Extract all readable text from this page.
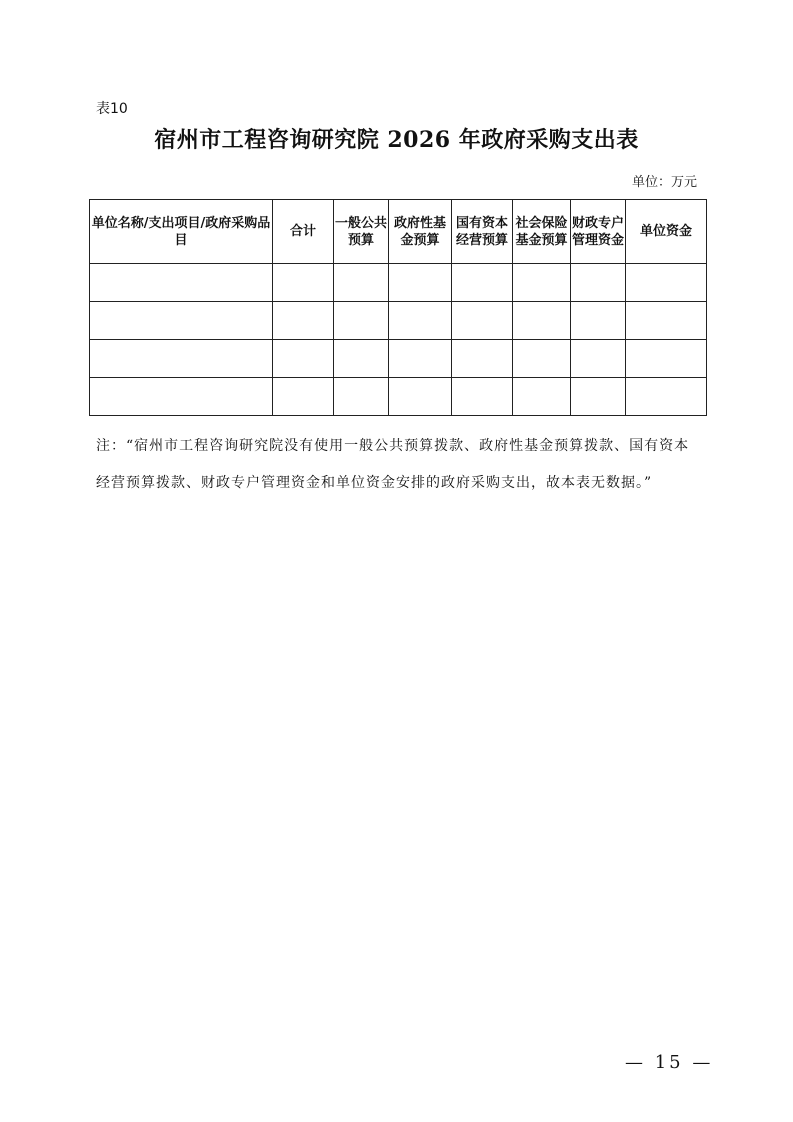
表10
宿州市工程咨询研究院 2026 年政府采购支出表
单位：万元
单位名称/支出项目/政府采购品目	合计	一般公共预算	政府性基金预算	国有资本经营预算	社会保险基金预算	财政专户管理资金	单位资金

注：“宿州市工程咨询研究院没有使用一般公共预算拨款、政府性基金预算拨款、国有资本经营预算拨款、财政专户管理资金和单位资金安排的政府采购支出，故本表无数据。”
— 15 —
